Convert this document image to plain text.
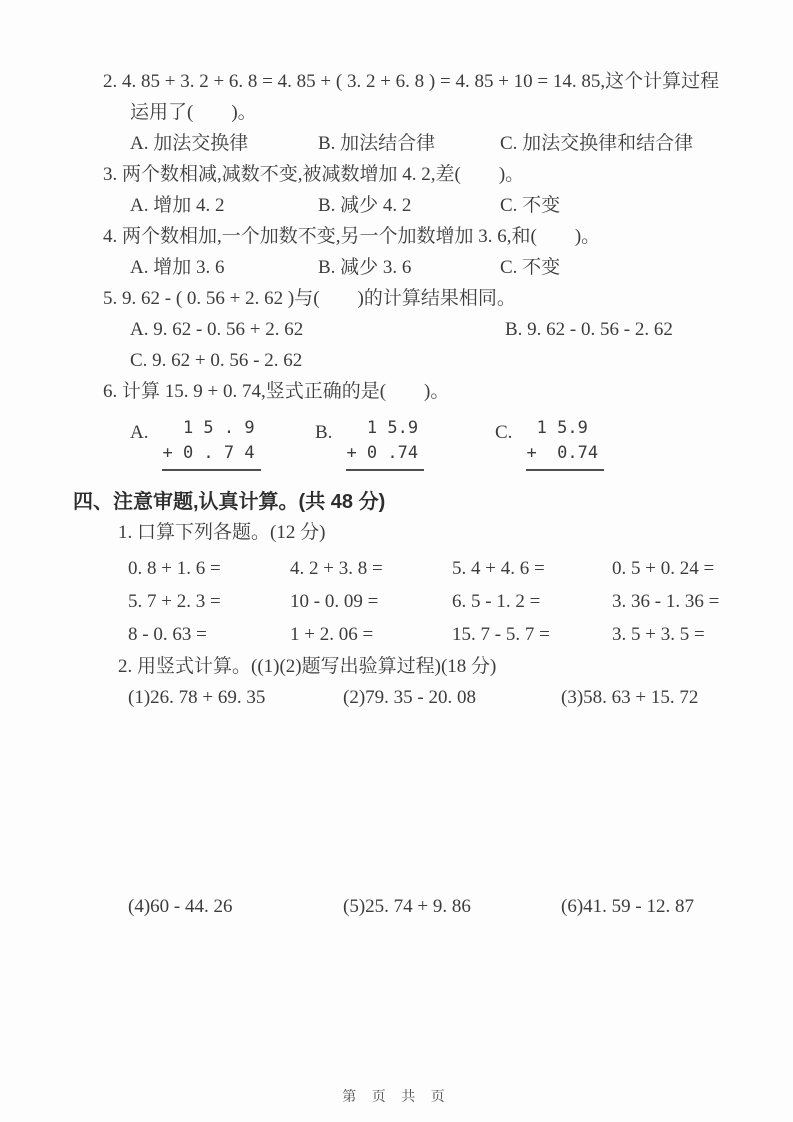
2. 4. 85 + 3. 2 + 6. 8 = 4. 85 + ( 3. 2 + 6. 8 ) = 4. 85 + 10 = 14. 85,这个计算过程

运用了(        )。

A. 加法交换律	B. 加法结合律	C. 加法交换律和结合律

3. 两个数相减,减数不变,被减数增加 4. 2,差(        )。

A. 增加 4. 2	B. 减少 4. 2	C. 不变

4. 两个数相加,一个加数不变,另一个加数增加 3. 6,和(        )。

A. 增加 3. 6	B. 减少 3. 6	C. 不变

5. 9. 62 - ( 0. 56 + 2. 62 )与(        )的计算结果相同。

A. 9. 62 - 0. 56 + 2. 62	B. 9. 62 - 0. 56 - 2. 62
C. 9. 62 + 0. 56 - 2. 62

6. 计算 15. 9 + 0. 74,竖式正确的是(        )。

A. 1 5 . 9
+ 0 . 7 4
B. 1 5.9
+ 0 .74
C. 1 5.9
+  0.74
四、注意审题,认真计算。(共 48 分)

1. 口算下列各题。(12 分)

0. 8 + 1. 6 =	4. 2 + 3. 8 =	5. 4 + 4. 6 =	0. 5 + 0. 24 =
5. 7 + 2. 3 =	10 - 0. 09 =	6. 5 - 1. 2 =	3. 36 - 1. 36 =
8 - 0. 63 =	1 + 2. 06 =	15. 7 - 5. 7 =	3. 5 + 3. 5 =

2. 用竖式计算。((1)(2)题写出验算过程)(18 分)

(1)26. 78 + 69. 35	(2)79. 35 - 20. 08	(3)58. 63 + 15. 72
(4)60 - 44. 26	(5)25. 74 + 9. 86	(6)41. 59 - 12. 87
第 页 共 页
